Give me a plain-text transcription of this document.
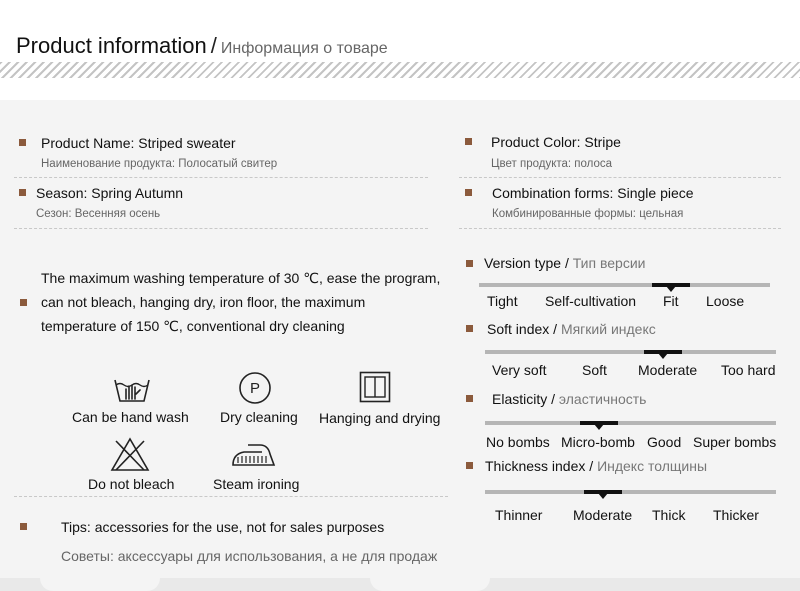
Product information / Информация о товаре
Product Name: Striped sweater
Наименование продукта: Полосатый свитер
Season: Spring Autumn
Сезон: Весенняя осень
Product Color: Stripe
Цвет продукта: полоса
Combination forms: Single piece
Комбинированные формы: цельная
The maximum washing temperature of 30 ℃, ease the program,
can not bleach, hanging dry, iron floor, the maximum
temperature of 150 ℃, conventional dry cleaning
P
Can be hand wash Dry cleaning Hanging and drying
Do not bleach	Steam ironing
Tips: accessories for the use, not for sales purposes
Советы: аксессуары для использования, а не для продаж
Version type / Тип версии
Tight Self-cultivation Fit Loose
Soft index / Мягкий индекс
Very soft	Soft Moderate Too hard
Elasticity / эластичность
No bombs Micro-bomb Good Super bombs
Thickness index / Индекс толщины
Thinner Moderate Thick Thicker
